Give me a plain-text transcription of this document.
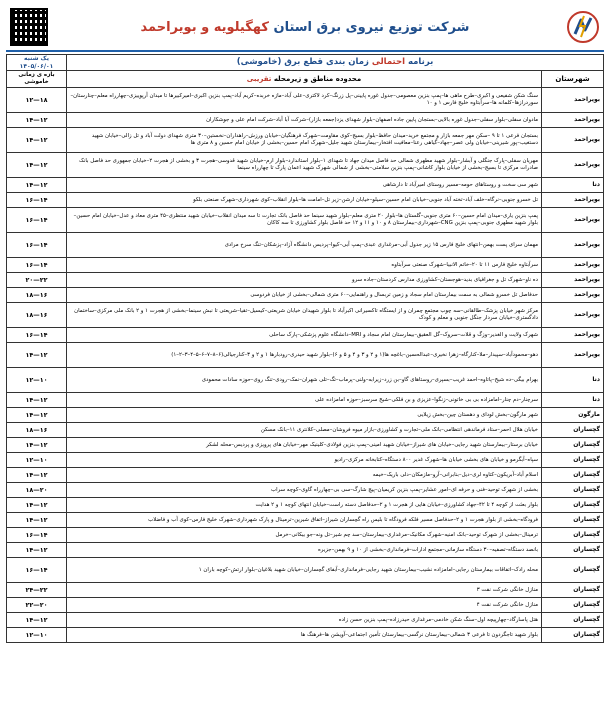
شرکت توزیع نیروی برق استان کهگیلویه و بویراحمد
برنامه احتمالی زمان بندی قطع برق (خاموشی)		یک شنبه
۱۴۰۵/۰۶/۰۱

شهرستان	محدوده مناطق و زیرمحله تقریبی	بازه ی زمانی خاموشی
بویراحمد	سنگ شکن شفیعی و اکبری–طرح ماهی ها–پمپ بنزین معصومی–جدول غوره پایینی–پل زرنگ–کرد لاکتری–علی آباد–مازه خربده–کریم آباد–پمپ بنزین اکبری–امیرکبیرها تا میدان آرپوییزی–چهارراه معلم–چنارستان–سوردرازها–کلمانه ها–سرآبتاوه خلیج فارس ۱ و ۱۰	۱۲—۱۸
بویراحمد	مادوان سفلی–بلوار سفلی–جدول غوره بالایی–بستجان پایین جاده اصفهان–بلوار شهدای یزد(جمعه بازار)–شرکت آبا آباد–شرکت امام علی و جوشکاران	۱۴—۱۲
بویراحمد	بستجان فرعی ۱ تا ۹ –سکن مهر جمعه بازار و مجتمع خرید–میدان حافظ–بلوار بسیج–کوی مقاومت–شهرک فرهنگیان–خیابان ورزش–راهداران–نخستین–۳۰ متری شهدای دولت آباد و تل زالی–خیابان شهید دستغیب–پور شیرینی–خیابان ولی عصر–جهاد–گیاهی رعنا–معافیت افتخار–بیمارستان شهید جلیل–شهرک امام حسین–بخشی از خیابان امام حسین و ۸ متری ها	۱۴—۱۲
بویراحمد	مهریان سفلی–پارک جنگلی و آبشار–بلوار شهید مطهری شمالی حد فاصل میدان جهاد تا شهدای ۱–بلوار استاندارد–بلوار ارم–خیابان شهید قدوسی–هجرت ۳ و بخشی از هجرت ۲–خیابان جمهوری حد فاصل بانک صادرات مرکزی تا بسیج–بخشی از خیابان بلوار کاشانی–پمپ بنزین سلامتی–بخشی از شمالی شهرک شهید اعمان پارک تا چهارراه سینما	۱۴—۱۲
دنا	شهر سی سخت و روستاهای حومه–مسیر روستای امیرآباد تا دارشاهی	۱۴—۱۲
بویراحمد	تل خسرو جنوبی–نرگاه–خلف آباد–تخته آباد جنوبی–خیابان امام حسین–سیلو–خیابان ارشن–زیر تل–امامت ها–بلوار انقلاب–کوی شهرداری–شهرک صنعتی بلکو	۱۶—۱۴
بویراحمد	پمپ بنزین یاری–میدان امام حسین–۶۰ متری جنوبی–گلستان ها–بلوار ۲۰ متری معلم–بلوار شهید سینما حد فاصل بانک تجارت تا سه میدان انقلاب–خیابان شهید منتظری–۴۵ متری معاد و عدل–خیابان امام حسین–بلوار شهید مطهری جنوبی–پمپ بنزین CNG–شهرداری–بیمارستان ۸ و ۱۰ و ۱۱ و ۱۲ حد فاصل بلوار کشاورزی تا سه کاکان	۱۶—۱۴
بویراحمد	مهمان سرای پست بهمن–انتهای خلیج فارس ۱۵ زیر جدول آبی–مرغداری عبدی–پمپ آبی–کیوا–پردیس دانشگاه آزاد–پزشکان–تنگ سرخ مرادی	۱۶—۱۴
بویراحمد	سرآبتاوه خلیج فارس ۱۱ تا ۲۰–خاتم الانبیا–شهرک صنعتی سرآبتاوه	۱۶—۱۴
بویراحمد	ده ناو–شهرک تل و جغرافیای بدید–هوجستان–کشاورزی مدارس کردستان–جاده سرو	۲۰—۲۲
بویراحمد	حدفاصل تل خسرو شمالی به سمت بیمارستان امام سجاد و زمین تربسال و راهنمایی–۶۰ متری شمالی–بخشی از خیابان فردوسی	۱۸—۱۶
بویراحمد	مرکز شهر خیابان پزشک–طالقانی–سه چوب مجتمع چمران و از ایستگاه تاکسیرانی اکبرآباد تا بلوار شهیدان خیابان شریعتی–کیسیل–تقیا–شریعتی تا نبش سینما–بخشی از هجرت ۱ و ۲ بانک ملی مرکزی–ساختمان دادگستری–خیابان سردار جنگل جنوبی و معلم و کودک	۱۸—۱۶
بویراحمد	شهرک ولایت و الغدیر–وزگ و قلات–سروک–گل العقیق–بیمارستان امام سجاد و MRI–دانشگاه علوم پزشکی–پارک ساحلی	۱۶—۱۴
بویراحمد	دهو–محمودآباد–سپیدار–ملا–کنارگاه–زهرا نخیری–عبدالحسین–باغچه ها(۱ و ۲ و ۳ و ۴ و ۵ و ۶)–بلوار شهید حیدری–رودبارها ۱ و ۲ و ۳–کنارجیالی(۶–۸–۷–۶–۵–۴–۳–۲–۱)	۱۴—۱۲
دنا	بهرام بیگی–ده شیخ–پاتاوه–احمد غریب–بسپری–روستاهای گاو–بن زرد–زیرابه–ولنی–پرماب–تگ–تلی شهران–نمک–رودی–تنگ روی–حوزه سادات محمودی	۱۲—۱۰
دنا	سرچنار–دم چنار–امامزاده بی بی خاتونی–زنگوا–عزیزی و بن فلکی–شیخ سرسبز–حوزه امامزاده علی	۱۴—۱۲
مارگون	شهر مارگون–بخش لودای و دهستان چین–بخش زیلایی	۱۴—۱۲
گچساران	خیابان هلال احمر–ستاد فرماندهی انتظامی–بانک ملی–تجارت و کشاورزی–بازار میوه فروشان–مصلی–کلانتری ۱۱–بانک مسکن	۱۸—۱۶
گچساران	خیابان برستار–بیمارستان شهید رجایی–خیابان های شیراز–خیابان شهید امینی–پمپ بنزین فولادی–کلینیک مهر–خیابان های پرویزی و پردیس–محله لشکر	۱۴—۱۲
گچساران	سپاه–آبگرمو و خیابان های بخشی خیابان ها–شهرک غدیر ۸۰۰ دستگاه–کتابخانه مرکزی–رادیو	۱۲—۱۰
گچساران	اسلام آباد–آبریکون–کتاوه لری–دیل–بنابرانی–آرو–مازمکان–دلی باریک–خیمه	۱۴—۱۲
گچساران	بخشی از شهرک توحید–فنی و حرفه ای–امور عشایر–پمپ بنزین کریمیان–پیچ شارگ–سی بی–چهارراه گاوی–کوچه سراب	۱۸—۲۰
گچساران	بلوار بعثت از کوچه ۴ تا ۴۲–جهاد کشاورزی–خیابان هایی از هجرت ۱ و ۲–حدفاصل دسته راست–خیابان انتهای کوچه ۱ و ۲ هدایت	۱۴—۱۲
گچساران	فرودگاه–بخشی از بلوار هجرت ۱ و ۲–حدفاصل مسیر فلکه فرودگاه تا بلیس راه گچساران شیراز–اتفاق شیرین–ترمینال و پارک شهرداری–شهرک خلیج فارس–کوی آب و فاضلاب	۱۴—۱۲
گچساران	ترمینال–بخشی از شهرک توحید–بانک امنیه–شهرک مکانیک–مرغداری–بیمارستان–سد چم شیر–تل ونه–جو بیکانی–خرمل	۱۶—۱۴
گچساران	بانصد دستگاه–تصفیه–۳۰ دستگاه سازمانی–مجتمع ادارات–فرمانداری–بخشی از ۱۰ و ۹ بهمن–جزیره	۱۴—۱۲
گچساران	محله رادک–اتفاقات بیمارستان رجایی–امامزاده نشیب–بیمارستان شهید رجایی–فرمانداری–آبفای گچساران–خیابان شهید بلاغیان–بلوار ارتش–کوچه باران ۱	۱۶—۱۴
گچساران	منازل خانگی شرکت نفت ۳	۲۴—۲۲
گچساران	منازل خانگی شرکت نفت ۴	۲۲—۲۰
گچساران	هتل پاسارگاد–چهارپیچه اول–سنگ شکن خادمی–مرغداری حیدرزاده–پمپ بنزین حسن زاده	۱۴—۱۲
گچساران	بلوار شهید تاجگردون تا فرعی ۳ شمالی–بیمارستان نرگسی–بیمارستان تأمین اجتماعی–آویشن ها–فرهنگ ها	۱۲—۱۰
